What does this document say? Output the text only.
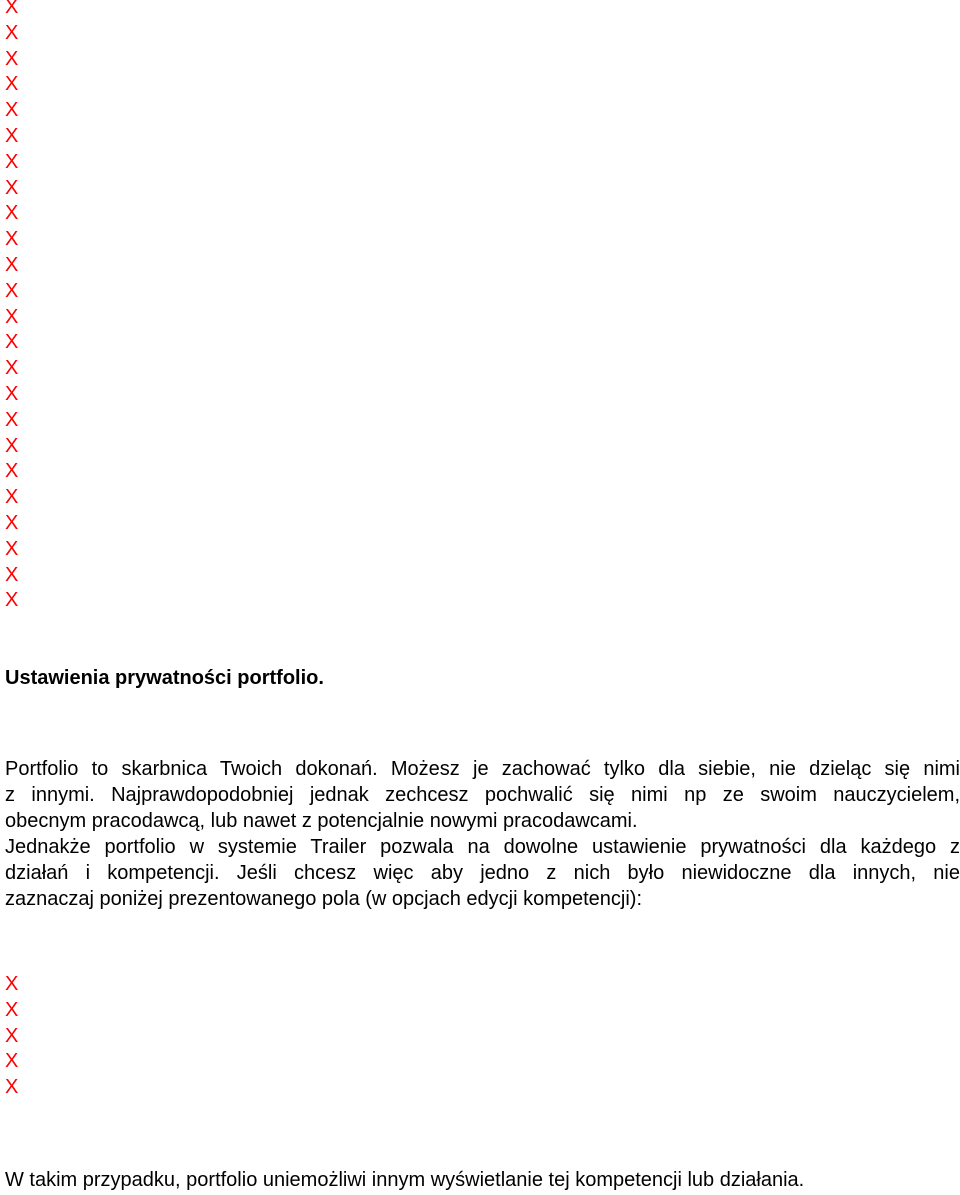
X
X
X
X
X
X
X
X
X
X
X
X
X
X
X
X
X
X
X
X
X
X
X
X
Ustawienia prywatności portfolio.

Portfolio to skarbnica Twoich dokonań. Możesz je zachować tylko dla siebie, nie dzieląc się nimi
z innymi. Najprawdopodobniej jednak zechcesz pochwalić się nimi np ze swoim nauczycielem,
obecnym pracodawcą, lub nawet z potencjalnie nowymi pracodawcami.
Jednakże portfolio w systemie Trailer pozwala na dowolne ustawienie prywatności dla każdego z
działań i kompetencji. Jeśli chcesz więc aby jedno z nich było niewidoczne dla innych, nie
zaznaczaj poniżej prezentowanego pola (w opcjach edycji kompetencji):

X
X
X
X
X

W takim przypadku, portfolio uniemożliwi innym wyświetlanie tej kompetencji lub działania.
